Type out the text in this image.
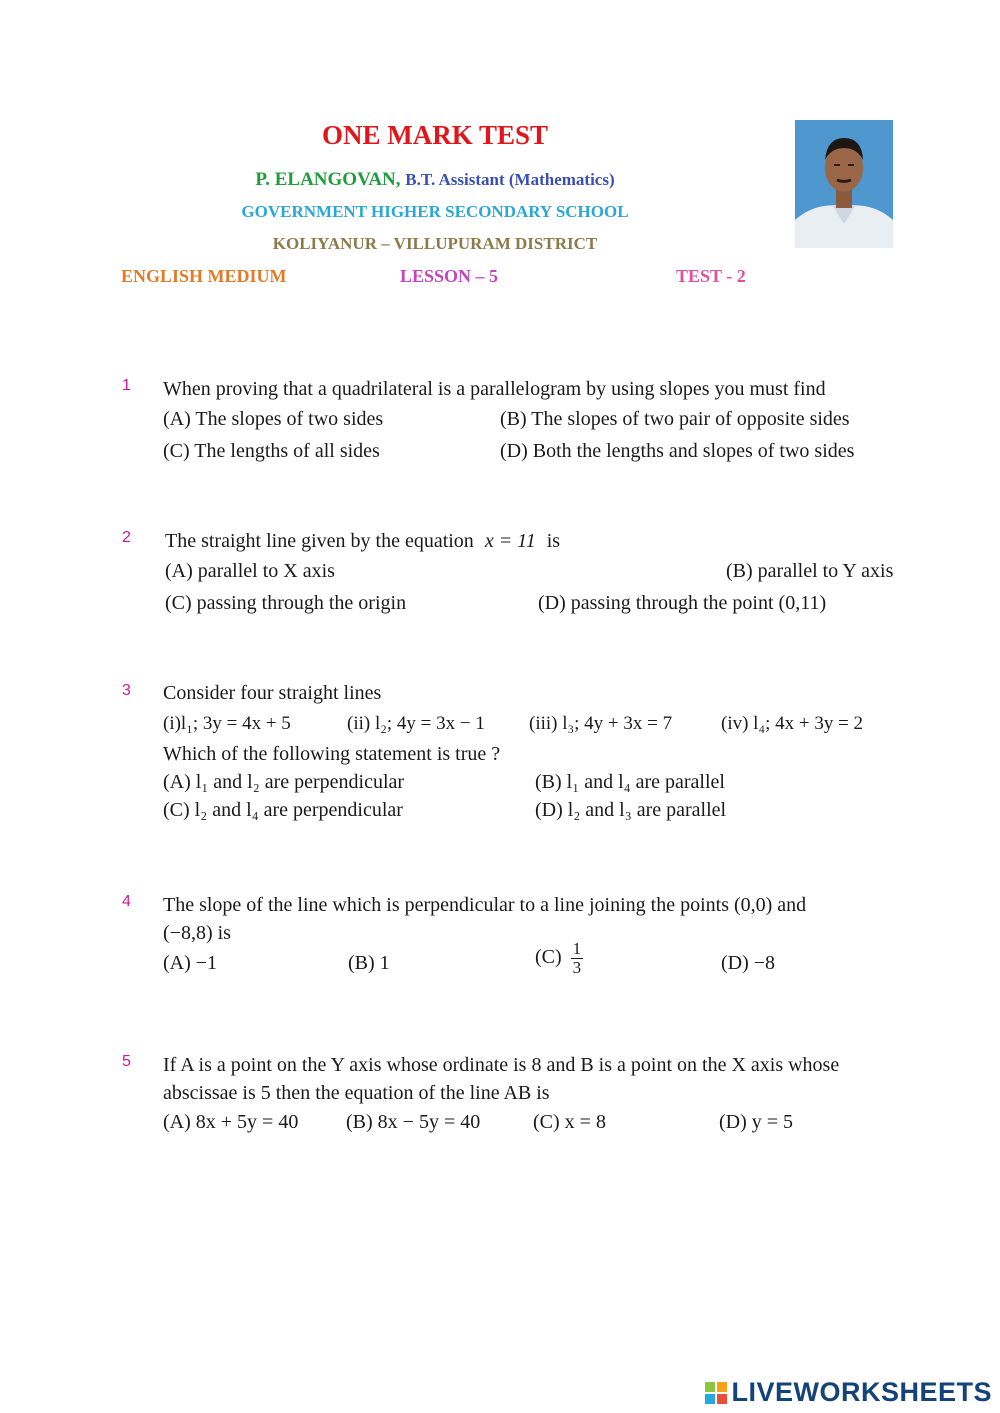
ONE MARK TEST
P. ELANGOVAN, B.T. Assistant (Mathematics)
GOVERNMENT HIGHER SECONDARY SCHOOL
KOLIYANUR – VILLUPURAM DISTRICT
ENGLISH MEDIUM	LESSON – 5	TEST - 2
1 When proving that a quadrilateral is a parallelogram by using slopes you must find
(A) The slopes of two sides	(B) The slopes of two pair of opposite sides
(C) The lengths of all sides	(D) Both the lengths and slopes of two sides
2 The straight line given by the equation x = 11 is
(A) parallel to X axis	(B) parallel to Y axis
(C) passing through the origin	(D) passing through the point (0,11)
3 Consider four straight lines
(i)l₁; 3y = 4x + 5	(ii) l₂; 4y = 3x − 1 (iii) l₃; 4y + 3x = 7	(iv) l₄; 4x + 3y = 2
Which of the following statement is true ?
(A) l₁ and l₂ are perpendicular	(B) l₁ and l₄ are parallel
(C) l₂ and l₄ are perpendicular	(D) l₂ and l₃ are parallel
4 The slope of the line which is perpendicular to a line joining the points (0,0) and
(−8,8) is
(A) −1	(B) 1	$(C) \frac{1}{3}$	(D) −8
5 If A is a point on the Y axis whose ordinate is 8 and B is a point on the X axis whose
abscissae is 5 then the equation of the line AB is
(A) 8x + 5y = 40 (B) 8x − 5y = 40	(C) x = 8	(D) y = 5
LIVEWORKSHEETS
